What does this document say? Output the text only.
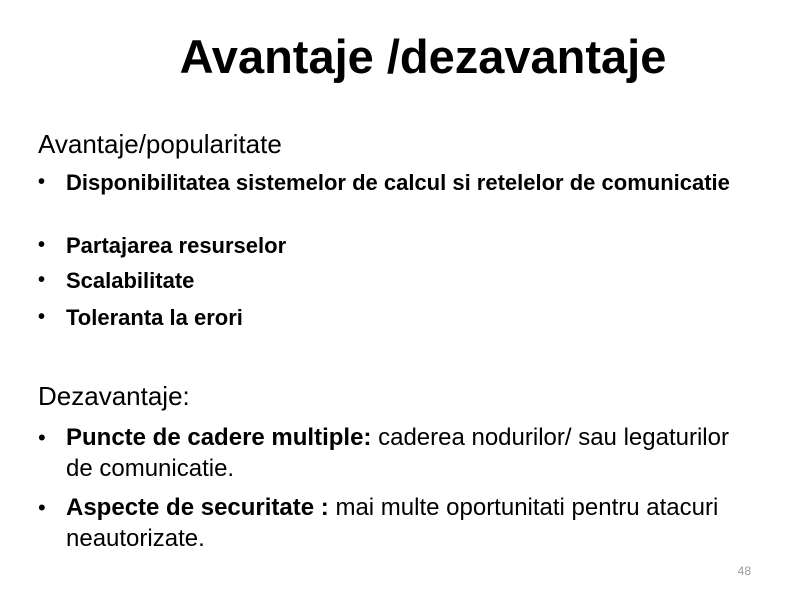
Avantaje /dezavantaje
Avantaje/popularitate
• Disponibilitatea sistemelor de calcul si retelelor de comunicatie
• Partajarea resurselor
• Scalabilitate
• Toleranta la erori
Dezavantaje:
• Puncte de cadere multiple: caderea nodurilor/ sau legaturilor de comunicatie.
• Aspecte de securitate : mai multe oportunitati pentru atacuri neautorizate.
48
